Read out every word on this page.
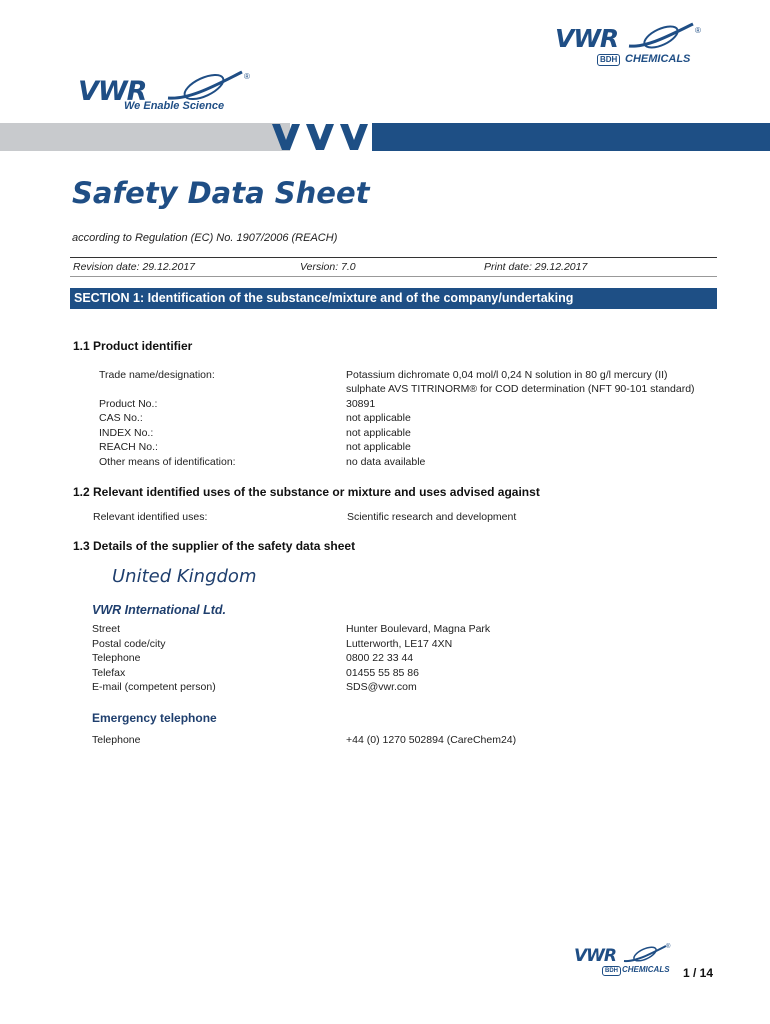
VWR	®
BDH CHEMICALS
VWR	®
We Enable Science
Safety Data Sheet
according to Regulation (EC) No. 1907/2006 (REACH)
Revision date: 29.12.2017	Version: 7.0	Print date: 29.12.2017
SECTION 1: Identification of the substance/mixture and of the company/undertaking
1.1 Product identifier
Trade name/designation:	Potassium dichromate 0,04 mol/l 0,24 N solution in 80 g/l mercury (II)
sulphate AVS TITRINORM® for COD determination (NFT 90-101 standard)
Product No.:	30891
CAS No.:	not applicable
INDEX No.:	not applicable
REACH No.:	not applicable
Other means of identification:	no data available
1.2 Relevant identified uses of the substance or mixture and uses advised against
Relevant identified uses:	Scientific research and development
1.3 Details of the supplier of the safety data sheet
United Kingdom
VWR International Ltd.
Street	Hunter Boulevard, Magna Park
Postal code/city	Lutterworth, LE17 4XN
Telephone	0800 22 33 44
Telefax	01455 55 85 86
E-mail (competent person)	SDS@vwr.com
Emergency telephone
Telephone	+44 (0) 1270 502894 (CareChem24)
VWR	®
BDH CHEMICALS 1 / 14
